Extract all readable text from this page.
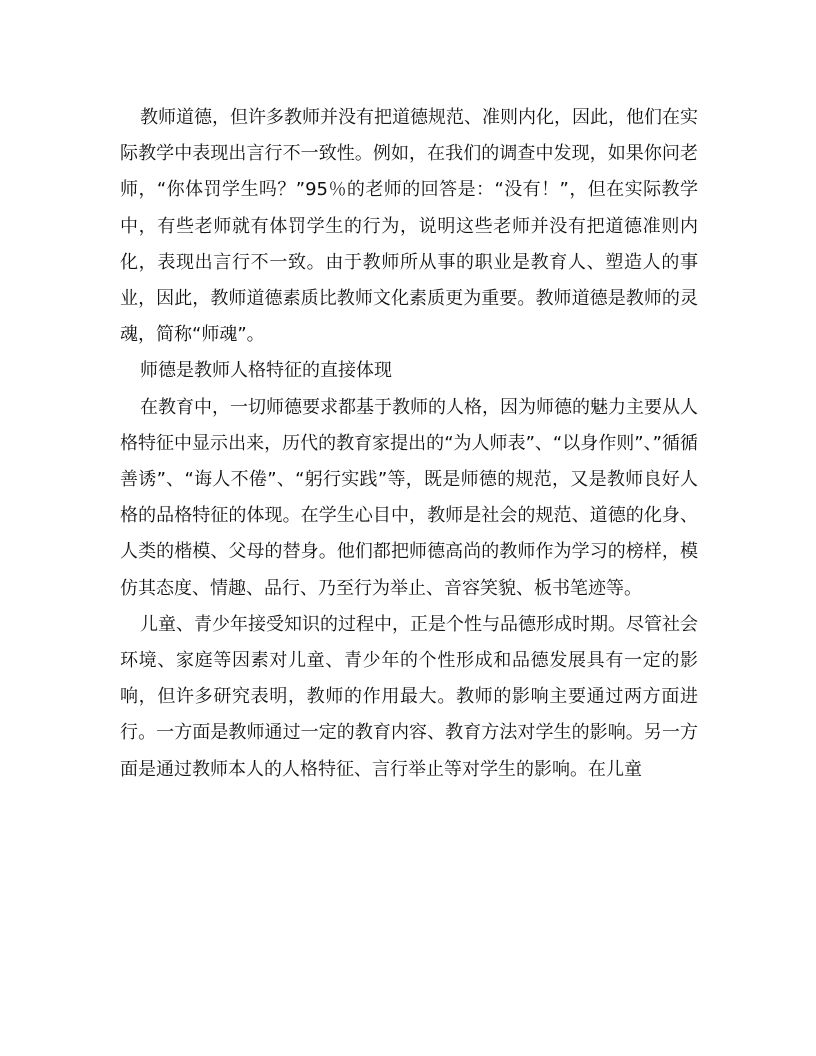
教师道德，但许多教师并没有把道德规范、准则内化，因此，他们在实际教学中表现出言行不一致性。例如，在我们的调查中发现，如果你问老师，“你体罚学生吗？”95％的老师的回答是：“没有！”，但在实际教学中，有些老师就有体罚学生的行为，说明这些老师并没有把道德准则内化，表现出言行不一致。由于教师所从事的职业是教育人、塑造人的事业，因此，教师道德素质比教师文化素质更为重要。教师道德是教师的灵魂，简称“师魂”。

师德是教师人格特征的直接体现

在教育中，一切师德要求都基于教师的人格，因为师德的魅力主要从人格特征中显示出来，历代的教育家提出的“为人师表”、“以身作则”、”循循善诱”、“诲人不倦”、“躬行实践”等，既是师德的规范，又是教师良好人格的品格特征的体现。在学生心目中，教师是社会的规范、道德的化身、人类的楷模、父母的替身。他们都把师德高尚的教师作为学习的榜样，模仿其态度、情趣、品行、乃至行为举止、音容笑貌、板书笔迹等。

儿童、青少年接受知识的过程中，正是个性与品德形成时期。尽管社会环境、家庭等因素对儿童、青少年的个性形成和品德发展具有一定的影响，但许多研究表明，教师的作用最大。教师的影响主要通过两方面进行。一方面是教师通过一定的教育内容、教育方法对学生的影响。另一方面是通过教师本人的人格特征、言行举止等对学生的影响。在儿童
